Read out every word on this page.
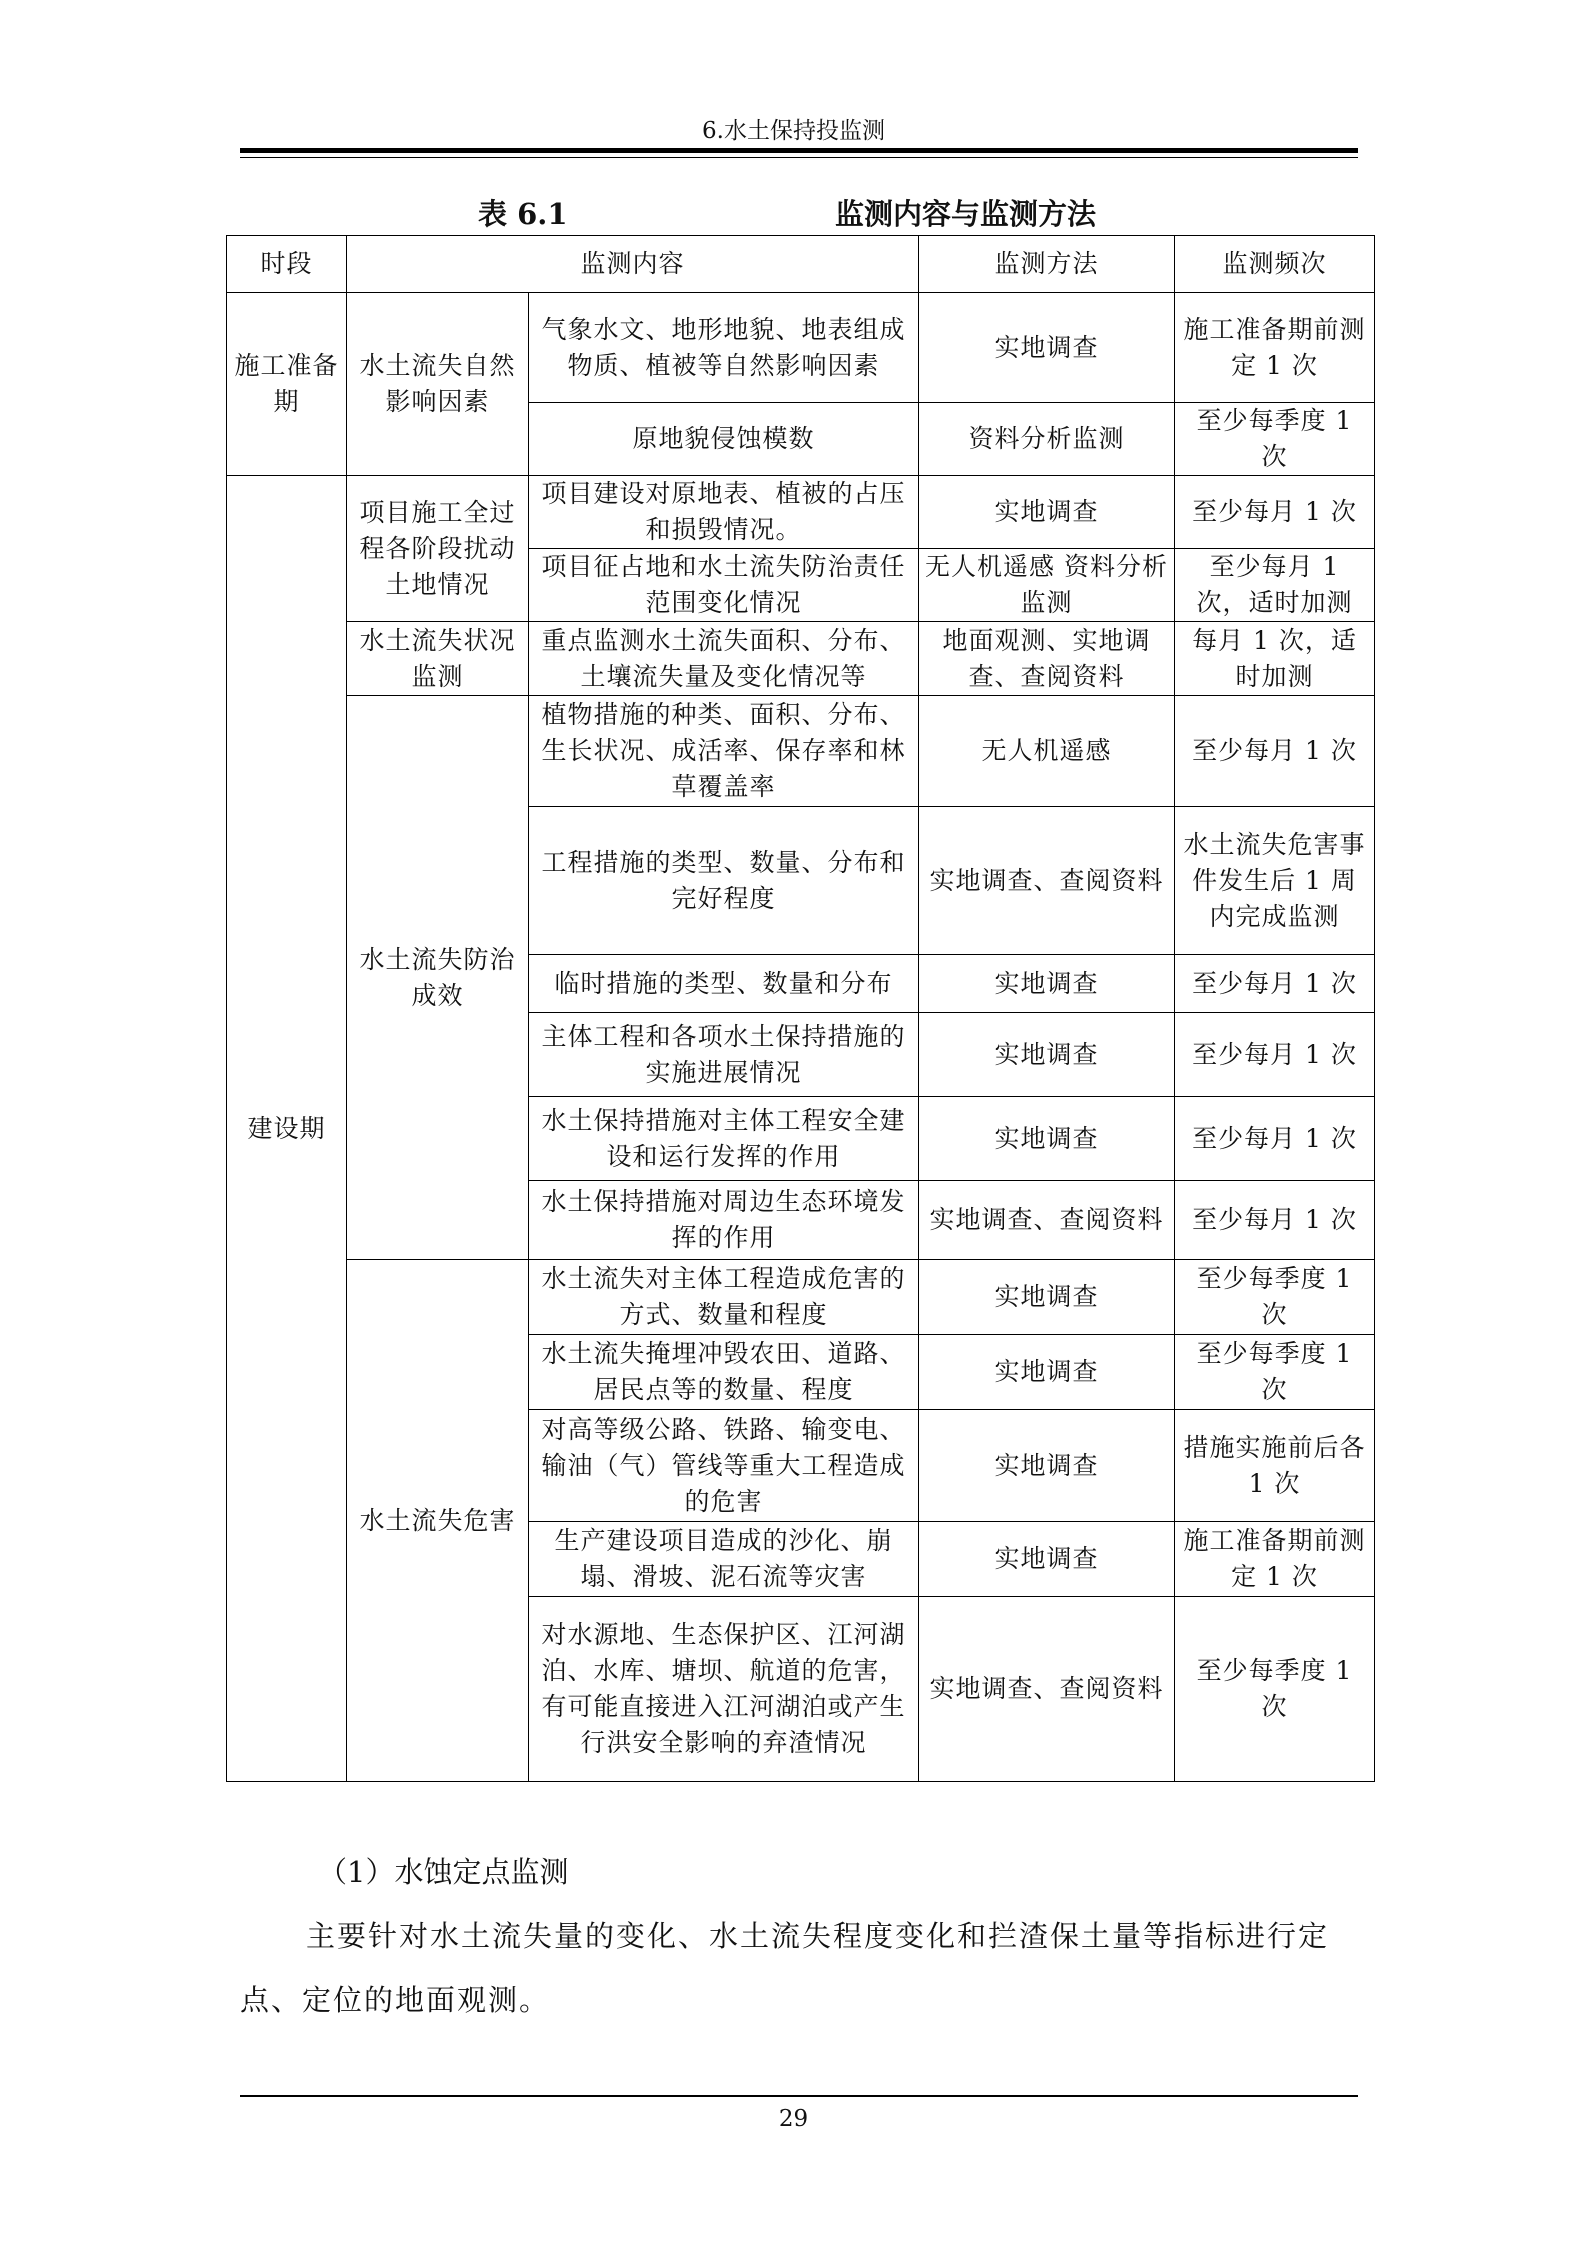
6.水土保持投监测
表 6.1	监测内容与监测方法
时段	监测内容		监测方法	监测频次
施工准备期	水土流失自然影响因素	气象水文、地形地貌、地表组成物质、植被等自然影响因素	实地调查	施工准备期前测定 1 次
		原地貌侵蚀模数	资料分析监测	至少每季度 1 次
建设期	项目施工全过程各阶段扰动土地情况	项目建设对原地表、植被的占压和损毁情况。	实地调查	至少每月 1 次
		项目征占地和水土流失防治责任范围变化情况	无人机遥感 资料分析监测	至少每月 1 次，适时加测
	水土流失状况监测	重点监测水土流失面积、分布、土壤流失量及变化情况等	地面观测、实地调查、查阅资料	每月 1 次，适时加测
	水土流失防治成效	植物措施的种类、面积、分布、生长状况、成活率、保存率和林草覆盖率	无人机遥感	至少每月 1 次
		工程措施的类型、数量、分布和完好程度	实地调查、查阅资料	水土流失危害事件发生后 1 周内完成监测
		临时措施的类型、数量和分布	实地调查	至少每月 1 次
		主体工程和各项水土保持措施的实施进展情况	实地调查	至少每月 1 次
		水土保持措施对主体工程安全建设和运行发挥的作用	实地调查	至少每月 1 次
		水土保持措施对周边生态环境发挥的作用	实地调查、查阅资料	至少每月 1 次
	水土流失危害	水土流失对主体工程造成危害的方式、数量和程度	实地调查	至少每季度 1 次
		水土流失掩埋冲毁农田、道路、居民点等的数量、程度	实地调查	至少每季度 1 次
		对高等级公路、铁路、输变电、输油（气）管线等重大工程造成的危害	实地调查	措施实施前后各 1 次
		生产建设项目造成的沙化、崩塌、滑坡、泥石流等灾害	实地调查	施工准备期前测定 1 次
		对水源地、生态保护区、江河湖泊、水库、塘坝、航道的危害，有可能直接进入江河湖泊或产生行洪安全影响的弃渣情况	实地调查、查阅资料	至少每季度 1 次
（1）水蚀定点监测
主要针对水土流失量的变化、水土流失程度变化和拦渣保土量等指标进行定点、定位的地面观测。
29
